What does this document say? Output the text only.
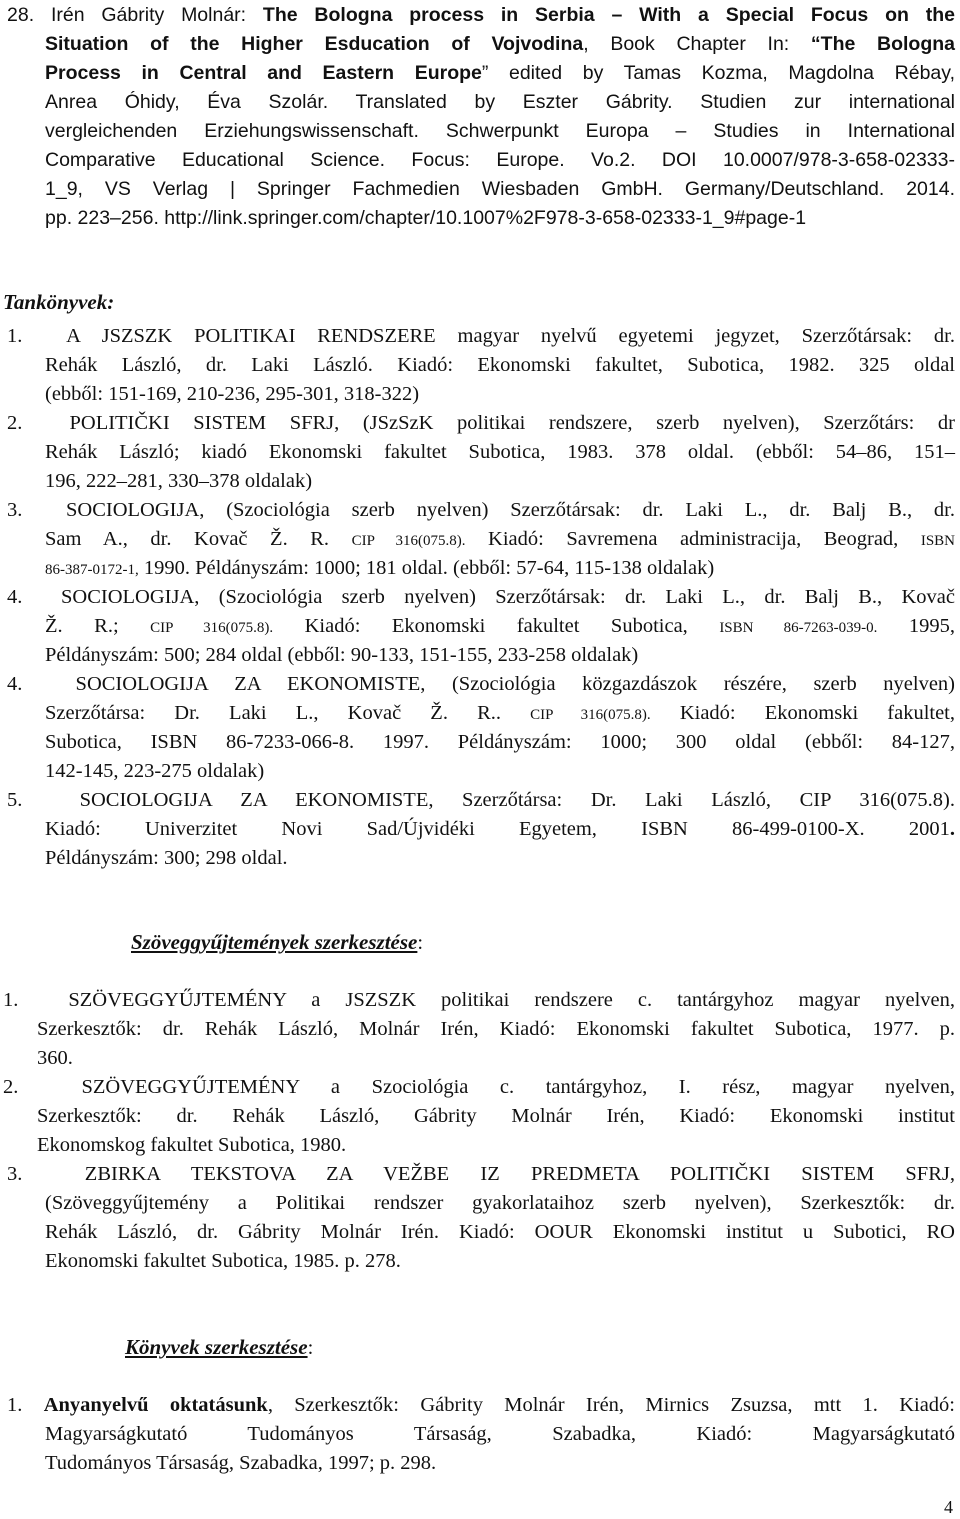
28. Irén Gábrity Molnár: The Bologna process in Serbia – With a Special Focus on the
Situation of the Higher Esducation of Vojvodina, Book Chapter In: “The Bologna
Process in Central and Eastern Europe” edited by Tamas Kozma, Magdolna Rébay,
Anrea Óhidy, Éva Szolár. Translated by Eszter Gábrity. Studien zur international
vergleichenden Erziehungswissenschaft. Schwerpunkt Europa – Studies in International
Comparative Educational Science. Focus: Europe. Vo.2. DOI 10.0007/978-3-658-02333-
1_9, VS Verlag | Springer Fachmedien Wiesbaden GmbH. Germany/Deutschland. 2014.
pp. 223–256. http://link.springer.com/chapter/10.1007%2F978-3-658-02333-1_9#page-1
Tankönyvek:
1.  A JSZSZK POLITIKAI RENDSZERE magyar nyelvű egyetemi jegyzet, Szerzőtársak: dr.
Rehák László, dr. Laki László. Kiadó: Ekonomski fakultet, Subotica, 1982. 325 oldal
(ebből: 151-169, 210-236, 295-301, 318-322)
2.  POLITIČKI SISTEM SFRJ, (JSzSzK politikai rendszere, szerb nyelven), Szerzőtárs: dr
Rehák László; kiadó Ekonomski fakultet Subotica, 1983. 378 oldal. (ebből: 54–86, 151–
196, 222–281, 330–378 oldalak)
3.  SOCIOLOGIJA, (Szociológia szerb nyelven) Szerzőtársak: dr. Laki L., dr. Balj B., dr.
Sam A., dr. Kovač Ž. R. CIP 316(075.8). Kiadó: Savremena administracija, Beograd, ISBN
86-387-0172-1, 1990. Példányszám: 1000; 181 oldal. (ebből: 57-64, 115-138 oldalak)
4.  SOCIOLOGIJA, (Szociológia szerb nyelven) Szerzőtársak: dr. Laki L., dr. Balj B., Kovač
Ž. R.; CIP 316(075.8). Kiadó: Ekonomski fakultet Subotica, ISBN 86-7263-039-0. 1995,
Példányszám: 500; 284 oldal (ebből: 90-133, 151-155, 233-258 oldalak)
4.  SOCIOLOGIJA ZA EKONOMISTE, (Szociológia közgazdászok részére, szerb nyelven)
Szerzőtársa: Dr. Laki L., Kovač Ž. R.. CIP 316(075.8). Kiadó: Ekonomski fakultet,
Subotica, ISBN 86-7233-066-8. 1997. Példányszám: 1000; 300 oldal (ebből: 84-127,
142-145, 223-275 oldalak)
5.  SOCIOLOGIJA ZA EKONOMISTE, Szerzőtársa: Dr. Laki László, CIP 316(075.8).
Kiadó: Univerzitet Novi Sad/Újvidéki Egyetem, ISBN 86-499-0100-X. 2001.
Példányszám: 300; 298 oldal.
Szöveggyűjtemények szerkesztése:
1.  SZÖVEGGYŰJTEMÉNY a JSZSZK politikai rendszere c. tantárgyhoz magyar nyelven,
Szerkesztők: dr. Rehák László, Molnár Irén, Kiadó: Ekonomski fakultet Subotica, 1977. p.
360.
2.  SZÖVEGGYŰJTEMÉNY a Szociológia c. tantárgyhoz, I. rész, magyar nyelven,
Szerkesztők: dr. Rehák László, Gábrity Molnár Irén, Kiadó: Ekonomski institut
Ekonomskog fakultet Subotica, 1980.
3.  ZBIRKA TEKSTOVA ZA VEŽBE IZ PREDMETA POLITIČKI SISTEM SFRJ,
(Szöveggyűjtemény a Politikai rendszer gyakorlataihoz szerb nyelven), Szerkesztők: dr.
Rehák László, dr. Gábrity Molnár Irén. Kiadó: OOUR Ekonomski institut u Subotici, RO
Ekonomski fakultet Subotica, 1985. p. 278.
Könyvek szerkesztése:
1. Anyanyelvű oktatásunk, Szerkesztők: Gábrity Molnár Irén, Mirnics Zsuzsa, mtt 1. Kiadó:
Magyarságkutató Tudományos Társaság, Szabadka, Kiadó: Magyarságkutató
Tudományos Társaság, Szabadka, 1997; p. 298.
4
